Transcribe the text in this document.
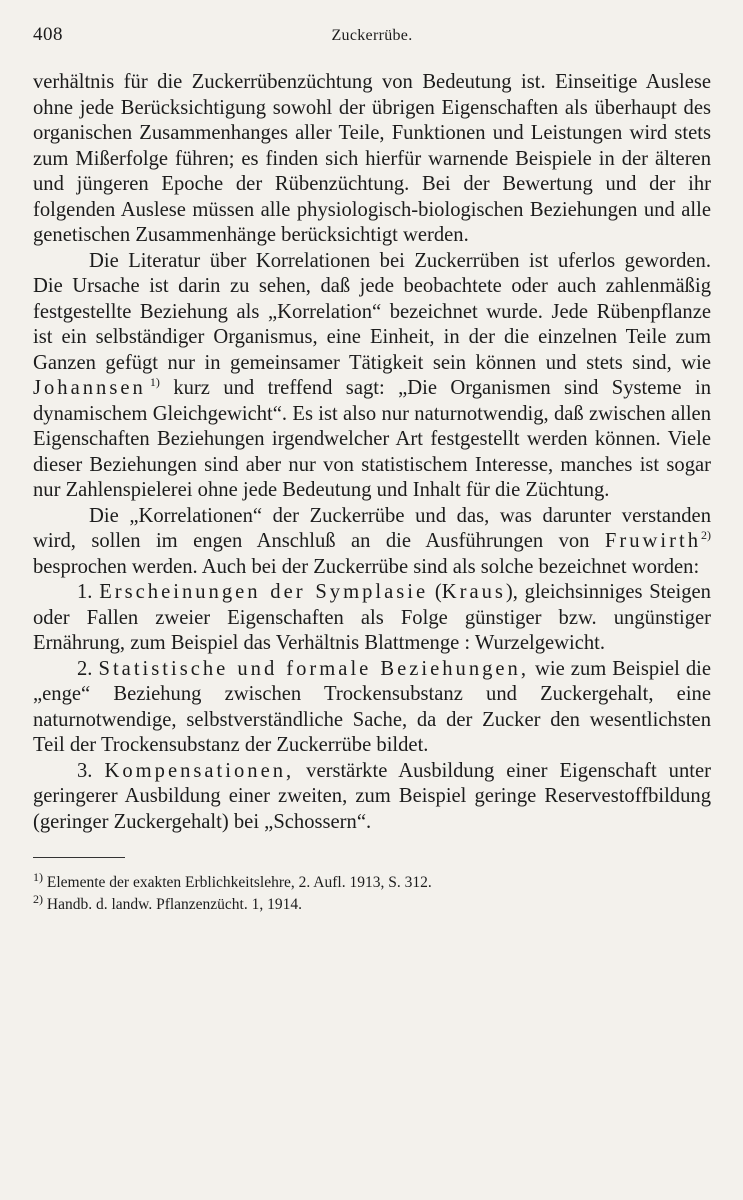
408	Zuckerrübe.

verhältnis für die Zuckerrübenzüchtung von Bedeutung ist. Einseitige Auslese ohne jede Berücksichtigung sowohl der übrigen Eigenschaften als überhaupt des organischen Zusammenhanges aller Teile, Funktionen und Leistungen wird stets zum Mißerfolge führen; es finden sich hierfür warnende Beispiele in der älteren und jüngeren Epoche der Rübenzüchtung. Bei der Bewertung und der ihr folgenden Auslese müssen alle physiologisch-biologischen Beziehungen und alle genetischen Zusammenhänge berücksichtigt werden.

Die Literatur über Korrelationen bei Zuckerrüben ist uferlos geworden. Die Ursache ist darin zu sehen, daß jede beobachtete oder auch zahlenmäßig festgestellte Beziehung als „Korrelation“ bezeichnet wurde. Jede Rübenpflanze ist ein selbständiger Organismus, eine Einheit, in der die einzelnen Teile zum Ganzen gefügt nur in gemeinsamer Tätigkeit sein können und stets sind, wie Johannsen  $^{1)}$ kurz und treffend sagt: „Die Organismen sind Systeme in dynamischem Gleichgewicht“. Es ist also nur naturnotwendig, daß zwischen allen Eigenschaften Beziehungen irgendwelcher Art festgestellt werden können. Viele dieser Beziehungen sind aber nur von statistischem Interesse, manches ist sogar nur Zahlenspielerei ohne jede Bedeutung und Inhalt für die Züchtung.

Die „Korrelationen“ der Zuckerrübe und das, was darunter verstanden wird, sollen im engen Anschluß an die Ausführungen von Fruwirth$^{2)}$ besprochen werden. Auch bei der Zuckerrübe sind als solche bezeichnet worden:

1. Erscheinungen der Symplasie (Kraus), gleichsinniges Steigen oder Fallen zweier Eigenschaften als Folge günstiger bzw. ungünstiger Ernährung, zum Beispiel das Verhältnis Blattmenge : Wurzelgewicht.

2. Statistische und formale Beziehungen, wie zum Beispiel die „enge“ Beziehung zwischen Trockensubstanz und Zuckergehalt, eine naturnotwendige, selbstverständliche Sache, da der Zucker den wesentlichsten Teil der Trockensubstanz der Zuckerrübe bildet.

3. Kompensationen, verstärkte Ausbildung einer Eigenschaft unter geringerer Ausbildung einer zweiten, zum Beispiel geringe Reservestoffbildung (geringer Zuckergehalt) bei „Schossern“.

$^{1)}$ Elemente der exakten Erblichkeitslehre, 2. Aufl. 1913, S. 312.

$^{2)}$ Handb. d. landw. Pflanzenzücht. 1, 1914.
